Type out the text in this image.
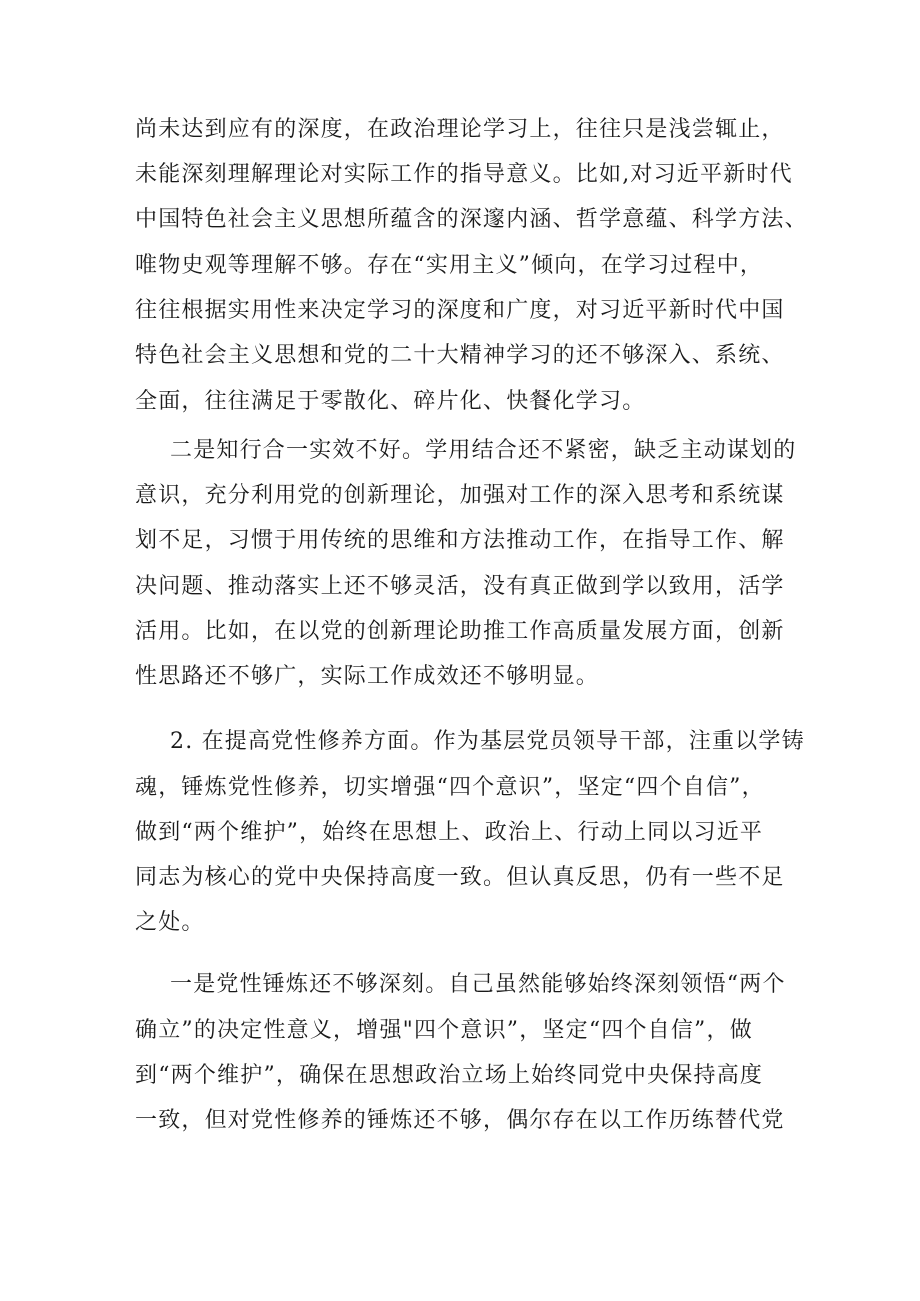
尚未达到应有的深度，在政治理论学习上，往往只是浅尝辄止，
未能深刻理解理论对实际工作的指导意义。比如,对习近平新时代
中国特色社会主义思想所蕴含的深邃内涵、哲学意蕴、科学方法、
唯物史观等理解不够。存在“实用主义”倾向，在学习过程中，
往往根据实用性来决定学习的深度和广度，对习近平新时代中国
特色社会主义思想和党的二十大精神学习的还不够深入、系统、
全面，往往满足于零散化、碎片化、快餐化学习。
二是知行合一实效不好。学用结合还不紧密，缺乏主动谋划的
意识，充分利用党的创新理论，加强对工作的深入思考和系统谋
划不足，习惯于用传统的思维和方法推动工作，在指导工作、解
决问题、推动落实上还不够灵活，没有真正做到学以致用，活学
活用。比如，在以党的创新理论助推工作高质量发展方面，创新
性思路还不够广，实际工作成效还不够明显。
2. 在提高党性修养方面。作为基层党员领导干部，注重以学铸
魂，锤炼党性修养，切实增强“四个意识”，坚定“四个自信”，
做到“两个维护”，始终在思想上、政治上、行动上同以习近平
同志为核心的党中央保持高度一致。但认真反思，仍有一些不足
之处。
一是党性锤炼还不够深刻。自己虽然能够始终深刻领悟“两个
确立”的决定性意义，增强"四个意识”，坚定“四个自信”，做
到“两个维护”，确保在思想政治立场上始终同党中央保持高度
一致，但对党性修养的锤炼还不够，偶尔存在以工作历练替代党
